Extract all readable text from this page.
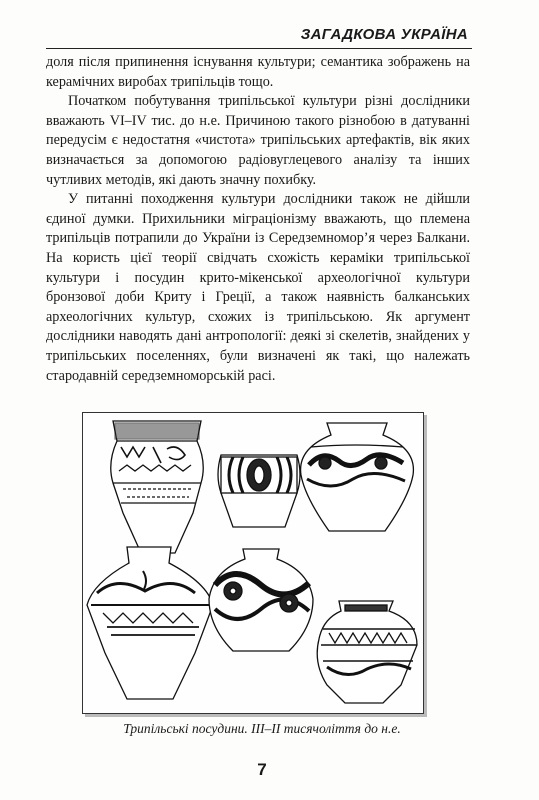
ЗАГАДКОВА УКРАЇНА

доля після припинення існування культури; семантика зображень на керамічних виробах трипільців тощо.

Початком побутування трипільської культури різні дослідники вважають VI–IV тис. до н.е. Причиною такого різнобою в датуванні передусім є недостатня «чистота» трипільських артефактів, вік яких визначається за допомогою радіовуглецевого аналізу та інших чутливих методів, які дають значну похибку.

У питанні походження культури дослідники також не дійшли єдиної думки. Прихильники міграціонізму вважають, що племена трипільців потрапили до України із Середземномор’я через Балкани. На користь цієї теорії свідчать схожість кераміки трипільської культури і посудин крито-мікенської археологічної культури бронзової доби Криту і Греції, а також наявність балканських археологічних культур, схожих із трипільською. Як аргумент дослідники наводять дані антропології: деякі зі скелетів, знайдених у трипільських поселеннях, були визначені як такі, що належать стародавній середземноморській расі.

Трипільські посудини. III–II тисячоліття до н.е.
7
